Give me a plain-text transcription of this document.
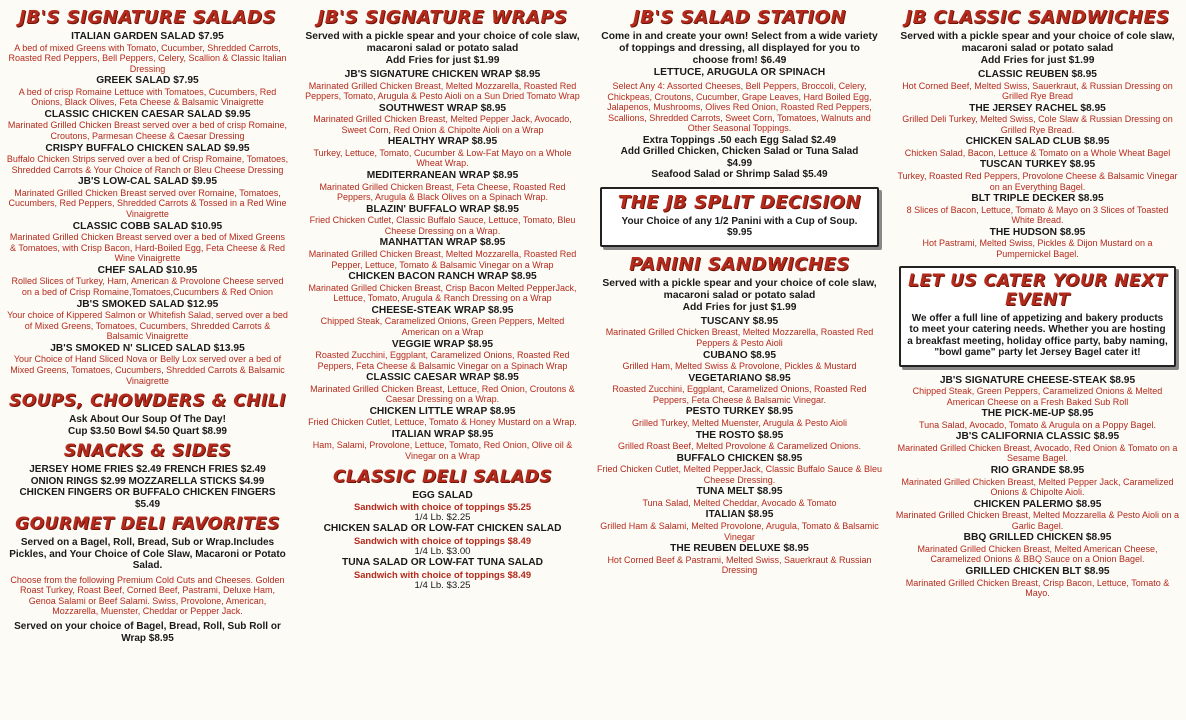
JB'S SIGNATURE SALADS
ITALIAN GARDEN SALAD $7.95
A bed of mixed Greens with Tomato, Cucumber, Shredded Carrots, Roasted Red Peppers, Bell Peppers, Celery, Scallion & Classic Italian Dressing
GREEK SALAD $7.95
A bed of crisp Romaine Lettuce with Tomatoes, Cucumbers, Red Onions, Black Olives, Feta Cheese & Balsamic Vinaigrette
CLASSIC CHICKEN CAESAR SALAD $9.95
Marinated Grilled Chicken Breast served over a bed of crisp Romaine, Croutons, Parmesan Cheese & Caesar Dressing
CRISPY BUFFALO CHICKEN SALAD $9.95
Buffalo Chicken Strips served over a bed of Crisp Romaine, Tomatoes, Shredded Carrots & Your Choice of Ranch or Bleu Cheese Dressing
JB'S LOW-CAL SALAD $9.95
Marinated Grilled Chicken Breast served over Romaine, Tomatoes, Cucumbers, Red Peppers, Shredded Carrots & Tossed in a Red Wine Vinaigrette
CLASSIC COBB SALAD $10.95
Marinated Grilled Chicken Breast served over a bed of Mixed Greens & Tomatoes, with Crisp Bacon, Hard-Boiled Egg, Feta Cheese & Red Wine Vinaigrette
CHEF SALAD $10.95
Rolled Slices of Turkey, Ham, American & Provolone Cheese served on a bed of Crisp Romaine,Tomatoes,Cucumbers & Red Onion
JB'S SMOKED SALAD $12.95
Your choice of Kippered Salmon or Whitefish Salad, served over a bed of Mixed Greens, Tomatoes, Cucumbers, Shredded Carrots & Balsamic Vinaigrette
JB'S SMOKED N' SLICED SALAD $13.95
Your Choice of Hand Sliced Nova or Belly Lox served over a bed of Mixed Greens, Tomatoes, Cucumbers, Shredded Carrots & Balsamic Vinaigrette
SOUPS, CHOWDERS & CHILI
Ask About Our Soup Of The Day!
Cup $3.50 Bowl $4.50 Quart $8.99
SNACKS & SIDES
JERSEY HOME FRIES $2.49 FRENCH FRIES $2.49
ONION RINGS $2.99 MOZZARELLA STICKS $4.99
CHICKEN FINGERS OR BUFFALO CHICKEN FINGERS $5.49
GOURMET DELI FAVORITES
Served on a Bagel, Roll, Bread, Sub or Wrap.Includes Pickles, and Your Choice of Cole Slaw, Macaroni or Potato Salad.
Choose from the following Premium Cold Cuts and Cheeses. Golden Roast Turkey, Roast Beef, Corned Beef, Pastrami, Deluxe Ham, Genoa Salami or Beef Salami. Swiss, Provolone, American, Mozzarella, Muenster, Cheddar or Pepper Jack.
Served on your choice of Bagel, Bread, Roll, Sub Roll or Wrap $8.95
JB'S SIGNATURE WRAPS
Served with a pickle spear and your choice of cole slaw,
macaroni salad or potato salad
Add Fries for just $1.99
JB'S SIGNATURE CHICKEN WRAP $8.95
Marinated Grilled Chicken Breast, Melted Mozzarella, Roasted Red Peppers, Tomato, Arugula & Pesto Aioli on a Sun Dried Tomato Wrap
SOUTHWEST WRAP $8.95
Marinated Grilled Chicken Breast, Melted Pepper Jack, Avocado, Sweet Corn, Red Onion & Chipolte Aioli on a Wrap
HEALTHY WRAP $8.95
Turkey, Lettuce, Tomato, Cucumber & Low-Fat Mayo on a Whole Wheat Wrap.
MEDITERRANEAN WRAP $8.95
Marinated Grilled Chicken Breast, Feta Cheese, Roasted Red Peppers, Arugula & Black Olives on a Spinach Wrap.
BLAZIN' BUFFALO WRAP $8.95
Fried Chicken Cutlet, Classic Buffalo Sauce, Lettuce, Tomato, Bleu Cheese Dressing on a Wrap.
MANHATTAN WRAP $8.95
Marinated Grilled Chicken Breast, Melted Mozzarella, Roasted Red Pepper, Lettuce, Tomato & Balsamic Vinegar on a Wrap
CHICKEN BACON RANCH WRAP $8.95
Marinated Grilled Chicken Breast, Crisp Bacon Melted PepperJack, Lettuce, Tomato, Arugula & Ranch Dressing on a Wrap
CHEESE-STEAK WRAP $8.95
Chipped Steak, Caramelized Onions, Green Peppers, Melted American on a Wrap
VEGGIE WRAP $8.95
Roasted Zucchini, Eggplant, Caramelized Onions, Roasted Red Peppers, Feta Cheese & Balsamic Vinegar on a Spinach Wrap
CLASSIC CAESAR WRAP $8.95
Marinated Grilled Chicken Breast, Lettuce, Red Onion, Croutons & Caesar Dressing on a Wrap.
CHICKEN LITTLE WRAP $8.95
Fried Chicken Cutlet, Lettuce, Tomato & Honey Mustard on a Wrap.
ITALIAN WRAP $8.95
Ham, Salami, Provolone, Lettuce, Tomato, Red Onion, Olive oil & Vinegar on a Wrap
CLASSIC DELI SALADS
EGG SALAD
Sandwich with choice of toppings $5.25
1/4 Lb. $2.25
CHICKEN SALAD OR LOW-FAT CHICKEN SALAD
Sandwich with choice of toppings $8.49
1/4 Lb. $3.00
TUNA SALAD OR LOW-FAT TUNA SALAD
Sandwich with choice of toppings $8.49
1/4 Lb. $3.25
JB'S SALAD STATION
Come in and create your own! Select from a wide variety
of toppings and dressing, all displayed for you to
choose from! $6.49
LETTUCE, ARUGULA OR SPINACH
Select Any 4: Assorted Cheeses, Bell Peppers, Broccoli, Celery, Chickpeas, Croutons, Cucumber, Grape Leaves, Hard Boiled Egg, Jalapenos, Mushrooms, Olives Red Onion, Roasted Red Peppers, Scallions, Shredded Carrots, Sweet Corn, Tomatoes, Walnuts and Other Seasonal Toppings.
Extra Toppings .50 each Egg Salad $2.49
Add Grilled Chicken, Chicken Salad or Tuna Salad
$4.99
Seafood Salad or Shrimp Salad $5.49
THE JB SPLIT DECISION
Your Choice of any 1/2 Panini with a Cup of Soup.
$9.95
PANINI SANDWICHES
Served with a pickle spear and your choice of cole slaw,
macaroni salad or potato salad
Add Fries for just $1.99
TUSCANY $8.95
Marinated Grilled Chicken Breast, Melted Mozzarella, Roasted Red Peppers & Pesto Aioli
CUBANO $8.95
Grilled Ham, Melted Swiss & Provolone, Pickles & Mustard
VEGETARIANO $8.95
Roasted Zucchini, Eggplant, Caramelized Onions, Roasted Red Peppers, Feta Cheese & Balsamic Vinegar.
PESTO TURKEY $8.95
Grilled Turkey, Melted Muenster, Arugula & Pesto Aioli
THE ROSTO $8.95
Grilled Roast Beef, Melted Provolone & Caramelized Onions.
BUFFALO CHICKEN $8.95
Fried Chicken Cutlet, Melted PepperJack, Classic Buffalo Sauce & Bleu Cheese Dressing.
TUNA MELT $8.95
Tuna Salad, Melted Cheddar, Avocado & Tomato
ITALIAN $8.95
Grilled Ham & Salami, Melted Provolone, Arugula, Tomato & Balsamic Vinegar
THE REUBEN DELUXE $8.95
Hot Corned Beef & Pastrami, Melted Swiss, Sauerkraut & Russian Dressing
JB CLASSIC SANDWICHES
Served with a pickle spear and your choice of cole slaw,
macaroni salad or potato salad
Add Fries for just $1.99
CLASSIC REUBEN $8.95
Hot Corned Beef, Melted Swiss, Sauerkraut, & Russian Dressing on Grilled Rye Bread
THE JERSEY RACHEL $8.95
Grilled Deli Turkey, Melted Swiss, Cole Slaw & Russian Dressing on Grilled Rye Bread.
CHICKEN SALAD CLUB $8.95
Chicken Salad, Bacon, Lettuce & Tomato on a Whole Wheat Bagel
TUSCAN TURKEY $8.95
Turkey, Roasted Red Peppers, Provolone Cheese & Balsamic Vinegar on an Everything Bagel.
BLT TRIPLE DECKER $8.95
8 Slices of Bacon, Lettuce, Tomato & Mayo on 3 Slices of Toasted White Bread.
THE HUDSON $8.95
Hot Pastrami, Melted Swiss, Pickles & Dijon Mustard on a Pumpernickel Bagel.
LET US CATER YOUR NEXT EVENT
We offer a full line of appetizing and bakery products to meet your catering needs. Whether you are hosting a breakfast meeting, holiday office party, baby naming, "bowl game" party let Jersey Bagel cater it!
JB'S SIGNATURE CHEESE-STEAK $8.95
Chipped Steak, Green Peppers, Caramelized Onions & Melted American Cheese on a Fresh Baked Sub Roll
THE PICK-ME-UP $8.95
Tuna Salad, Avocado, Tomato & Arugula on a Poppy Bagel.
JB'S CALIFORNIA CLASSIC $8.95
Marinated Grilled Chicken Breast, Avocado, Red Onion & Tomato on a Sesame Bagel.
RIO GRANDE $8.95
Marinated Grilled Chicken Breast, Melted Pepper Jack, Caramelized Onions & Chipolte Aioli.
CHICKEN PALERMO $8.95
Marinated Grilled Chicken Breast, Melted Mozzarella & Pesto Aioli on a Garlic Bagel.
BBQ GRILLED CHICKEN $8.95
Marinated Grilled Chicken Breast, Melted American Cheese, Caramelized Onions & BBQ Sauce on a Onion Bagel.
GRILLED CHICKEN BLT $8.95
Marinated Grilled Chicken Breast, Crisp Bacon, Lettuce, Tomato & Mayo.
